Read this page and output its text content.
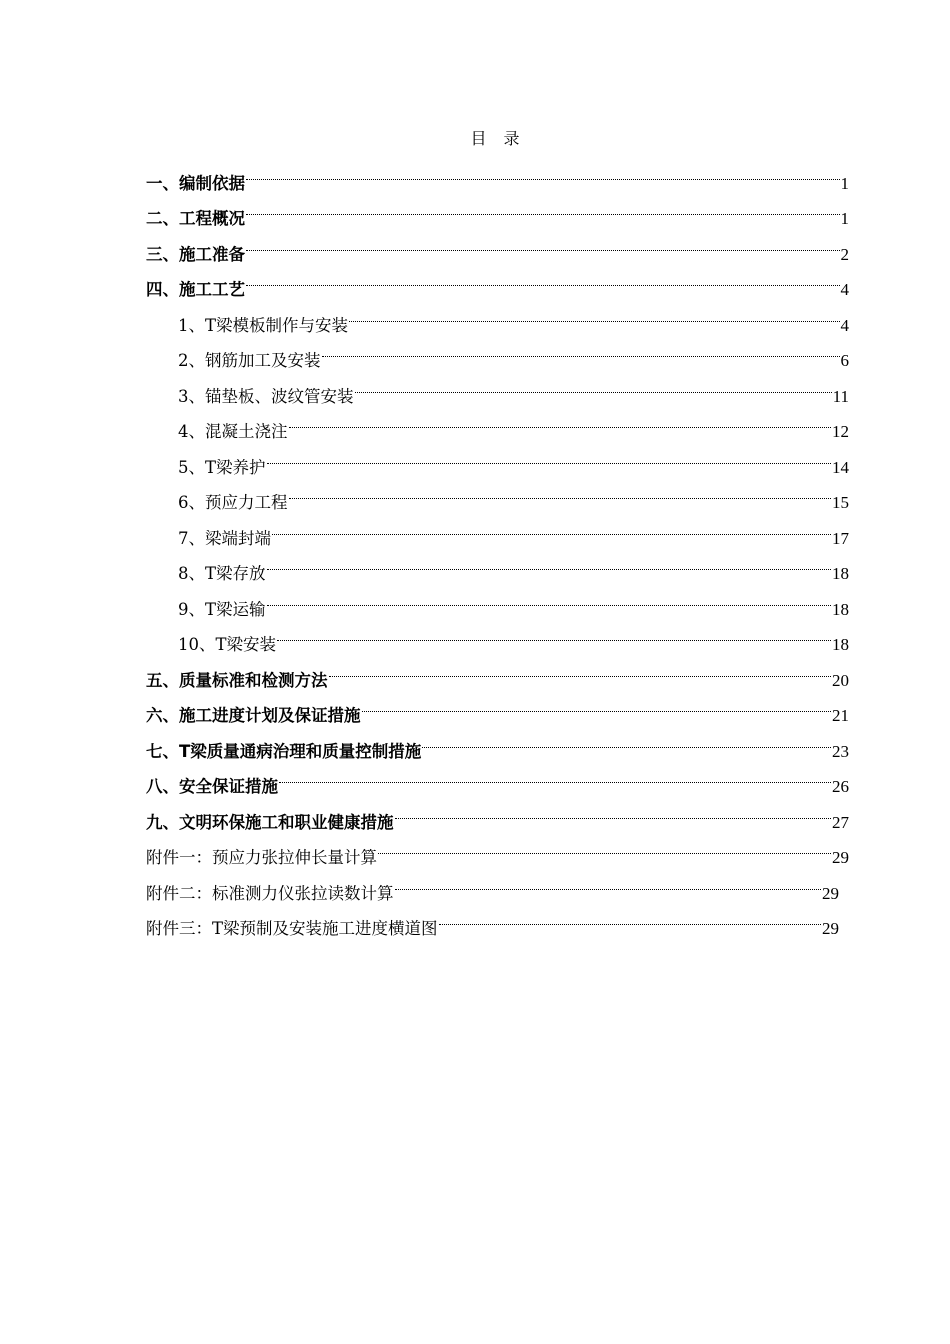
目 录
一、编制依据	1
二、工程概况	1
三、施工准备	2
四、施工工艺	4
1、T梁模板制作与安装	4
2、钢筋加工及安装	6
3、锚垫板、波纹管安装	11
4、混凝土浇注	12
5、T梁养护	14
6、预应力工程	15
7、梁端封端	17
8、T梁存放	18
9、T梁运输	18
10、T梁安装	18
五、质量标准和检测方法	20
六、施工进度计划及保证措施	21
七、T梁质量通病治理和质量控制措施	23
八、安全保证措施	26
九、文明环保施工和职业健康措施	27
附件一：预应力张拉伸长量计算	29
附件二：标准测力仪张拉读数计算	29
附件三：T梁预制及安装施工进度横道图	29
